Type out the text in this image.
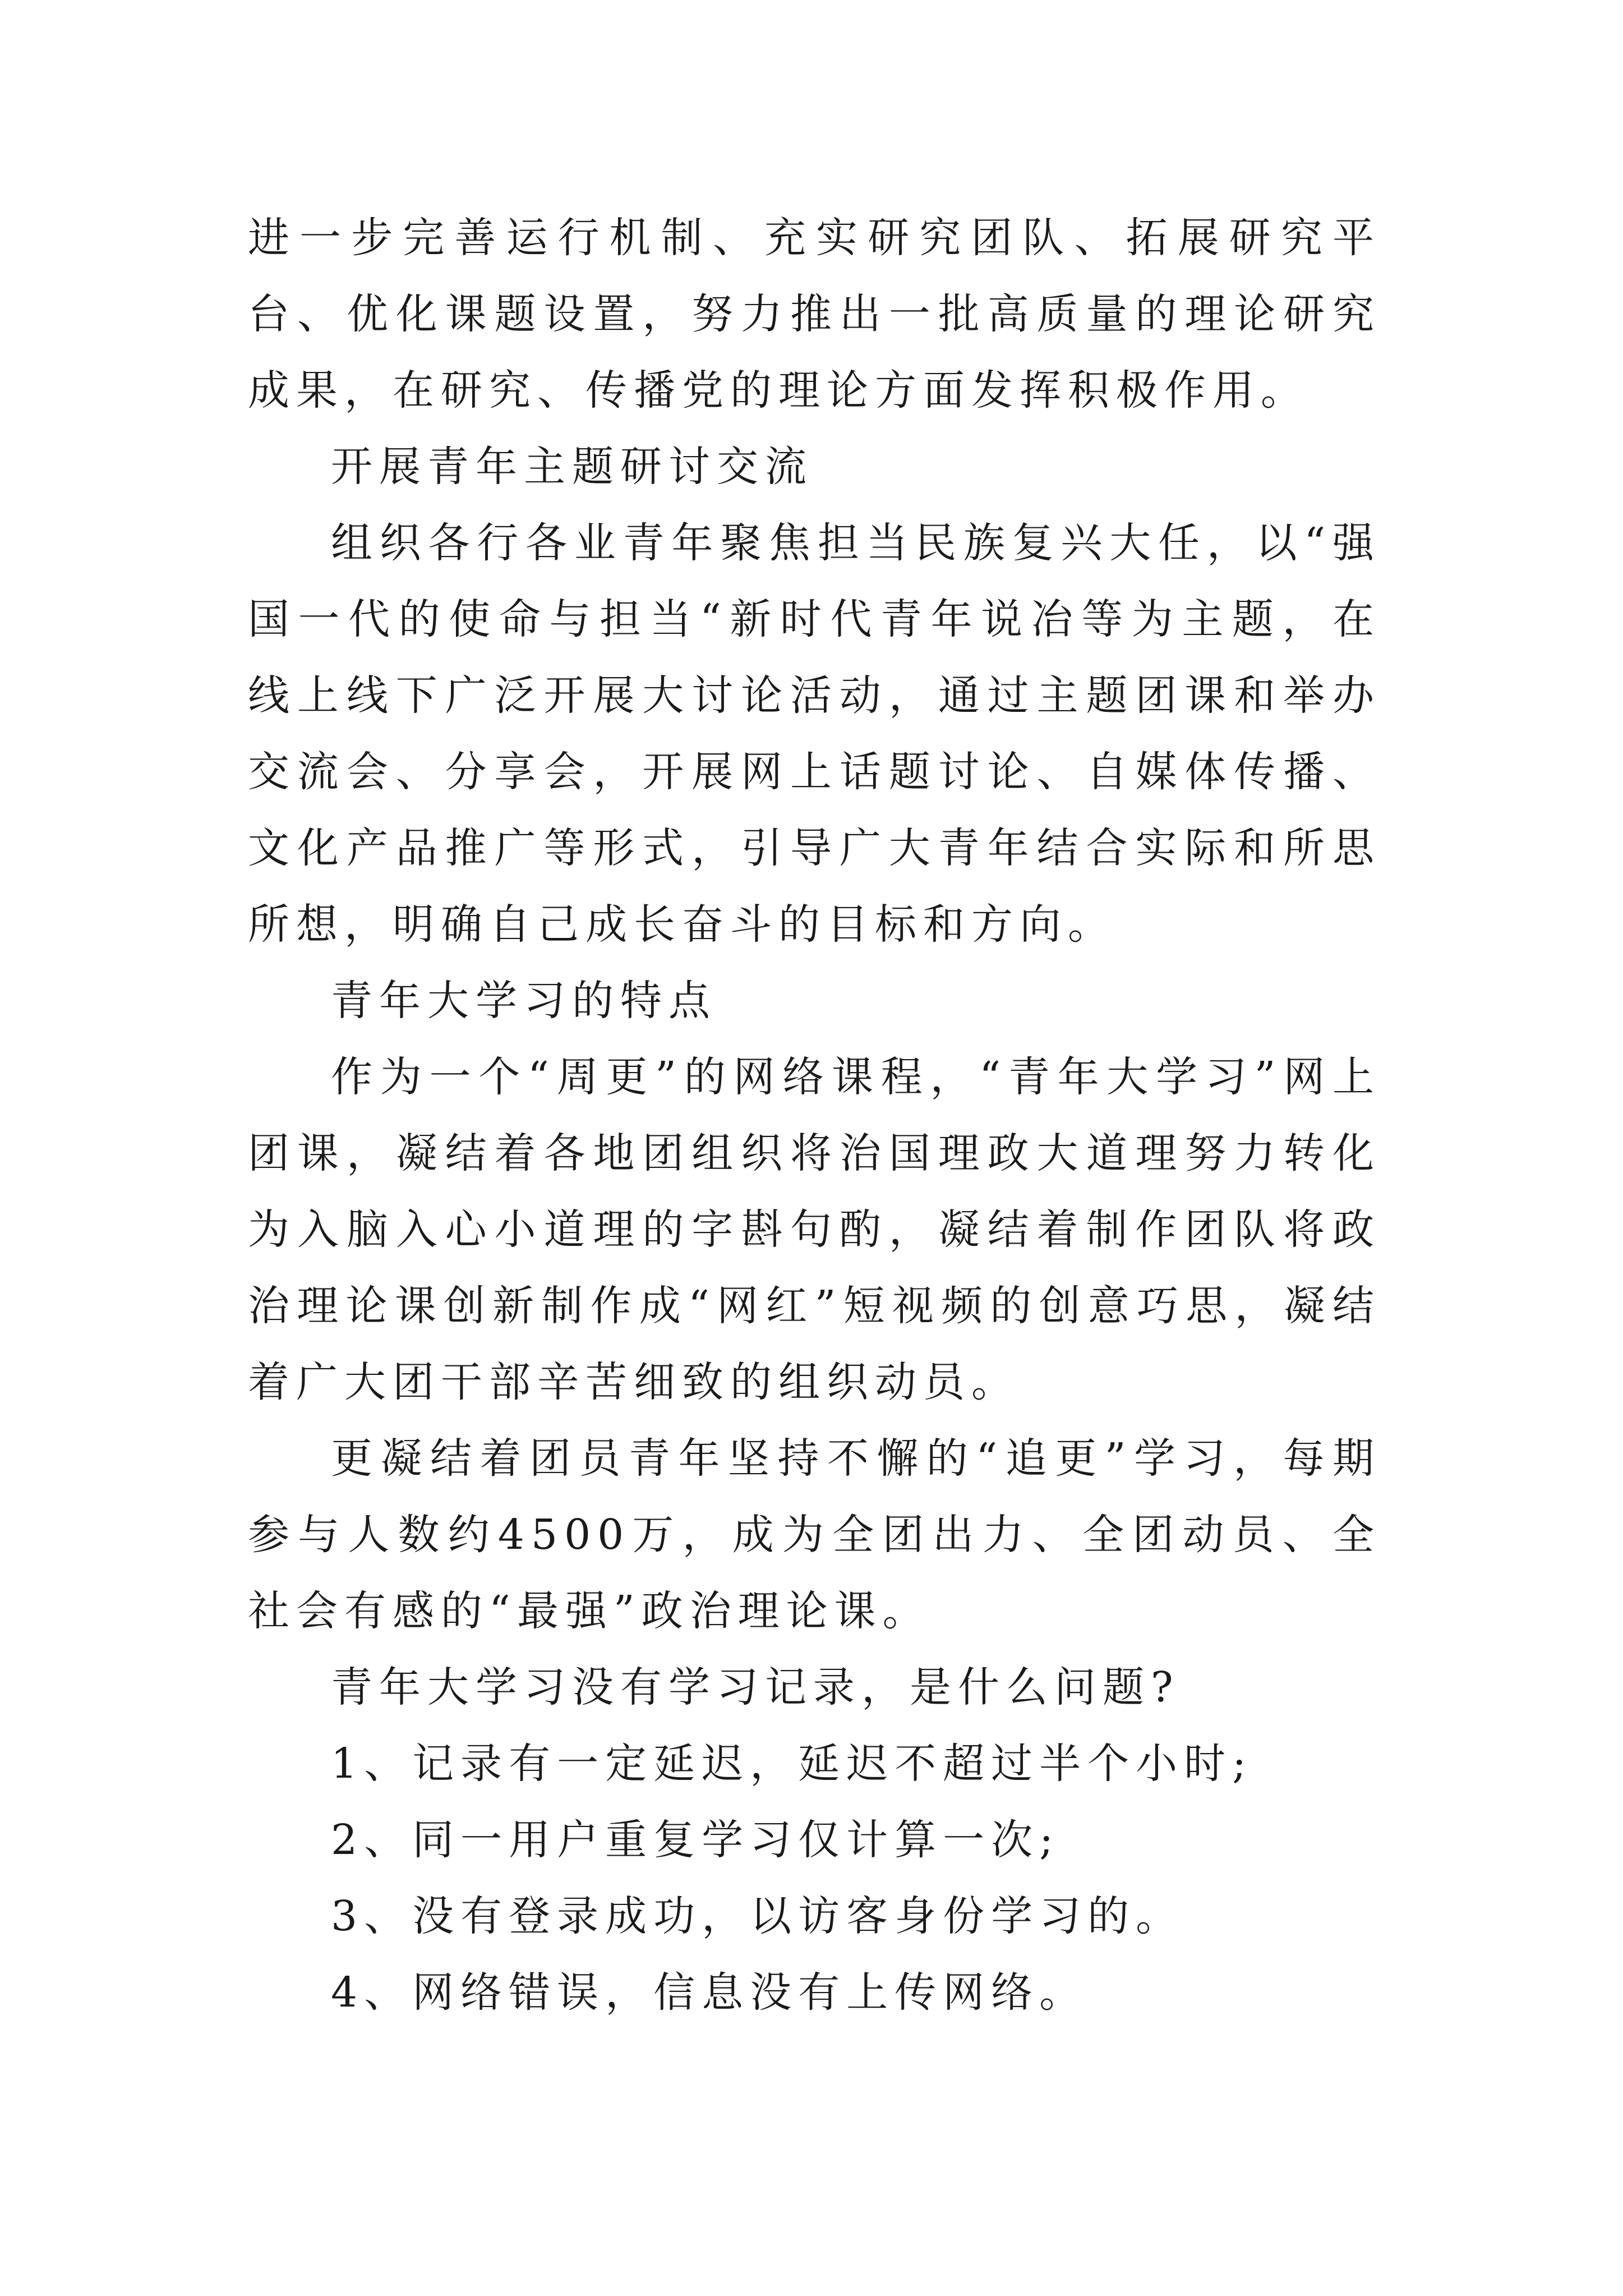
进一步完善运行机制、充实研究团队、拓展研究平台、优化课题设置，努力推出一批高质量的理论研究成果，在研究、传播党的理论方面发挥积极作用。

开展青年主题研讨交流

组织各行各业青年聚焦担当民族复兴大任，以“强国一代的使命与担当“新时代青年说冶等为主题，在线上线下广泛开展大讨论活动，通过主题团课和举办交流会、分享会，开展网上话题讨论、自媒体传播、文化产品推广等形式，引导广大青年结合实际和所思所想，明确自己成长奋斗的目标和方向。

青年大学习的特点

作为一个“周更”的网络课程，“青年大学习”网上团课，凝结着各地团组织将治国理政大道理努力转化为入脑入心小道理的字斟句酌，凝结着制作团队将政治理论课创新制作成“网红”短视频的创意巧思，凝结着广大团干部辛苦细致的组织动员。

更凝结着团员青年坚持不懈的“追更”学习，每期参与人数约4500万，成为全团出力、全团动员、全社会有感的“最强”政治理论课。

青年大学习没有学习记录，是什么问题?

1、记录有一定延迟，延迟不超过半个小时;

2、同一用户重复学习仅计算一次;

3、没有登录成功，以访客身份学习的。

4、网络错误，信息没有上传网络。
